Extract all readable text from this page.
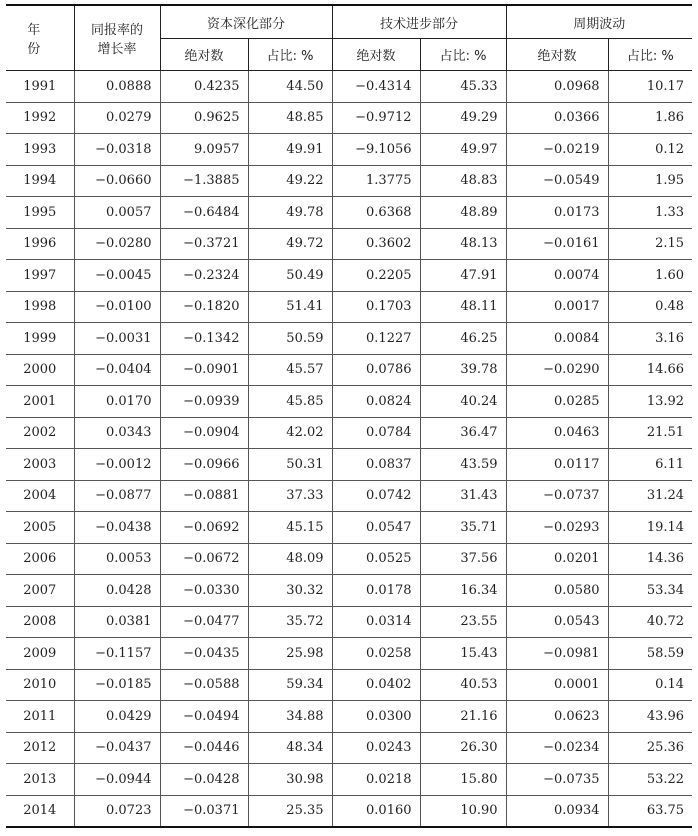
年 份	同报率的
增长率	资本深化部分		技术进步部分		周期波动	
		绝对数	占比: %	绝对数	占比: %	绝对数	占比: %
1991	0.0888	0.4235	44.50	−0.4314	45.33	0.0968	10.17
1992	0.0279	0.9625	48.85	−0.9712	49.29	0.0366	1.86
1993	−0.0318	9.0957	49.91	−9.1056	49.97	−0.0219	0.12
1994	−0.0660	−1.3885	49.22	1.3775	48.83	−0.0549	1.95
1995	0.0057	−0.6484	49.78	0.6368	48.89	0.0173	1.33
1996	−0.0280	−0.3721	49.72	0.3602	48.13	−0.0161	2.15
1997	−0.0045	−0.2324	50.49	0.2205	47.91	0.0074	1.60
1998	−0.0100	−0.1820	51.41	0.1703	48.11	0.0017	0.48
1999	−0.0031	−0.1342	50.59	0.1227	46.25	0.0084	3.16
2000	−0.0404	−0.0901	45.57	0.0786	39.78	−0.0290	14.66
2001	0.0170	−0.0939	45.85	0.0824	40.24	0.0285	13.92
2002	0.0343	−0.0904	42.02	0.0784	36.47	0.0463	21.51
2003	−0.0012	−0.0966	50.31	0.0837	43.59	0.0117	6.11
2004	−0.0877	−0.0881	37.33	0.0742	31.43	−0.0737	31.24
2005	−0.0438	−0.0692	45.15	0.0547	35.71	−0.0293	19.14
2006	0.0053	−0.0672	48.09	0.0525	37.56	0.0201	14.36
2007	0.0428	−0.0330	30.32	0.0178	16.34	0.0580	53.34
2008	0.0381	−0.0477	35.72	0.0314	23.55	0.0543	40.72
2009	−0.1157	−0.0435	25.98	0.0258	15.43	−0.0981	58.59
2010	−0.0185	−0.0588	59.34	0.0402	40.53	0.0001	0.14
2011	0.0429	−0.0494	34.88	0.0300	21.16	0.0623	43.96
2012	−0.0437	−0.0446	48.34	0.0243	26.30	−0.0234	25.36
2013	−0.0944	−0.0428	30.98	0.0218	15.80	−0.0735	53.22
2014	0.0723	−0.0371	25.35	0.0160	10.90	0.0934	63.75
